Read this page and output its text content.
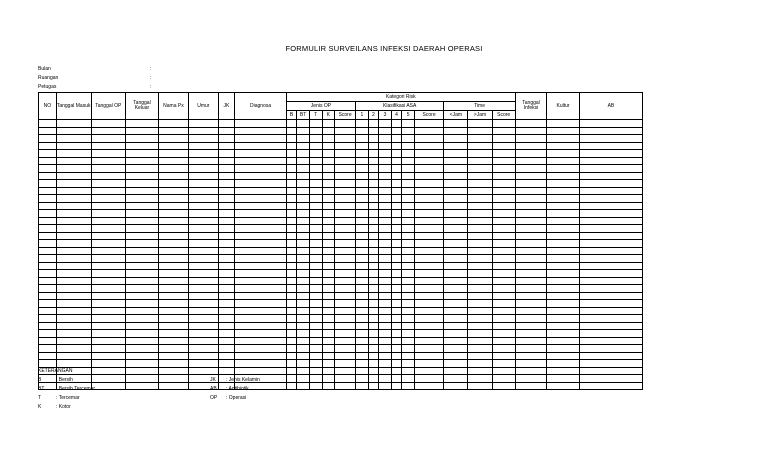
FORMULIR SURVEILANS INFEKSI DAERAH OPERASI
Bulan	:
Ruangan	:
Petugas	:
NO	Tanggal Masuk	Tanggal OP	Tanggal Keluar	Nama Px	Umur	JK	Diagnosa	Kategori Risk														Tanggal Infeksi	Kultur	AB
								Jenis OP					Klasifikasi ASA						Time					
								B	BT	T	K	Score	1	2	3	4	5	Score	<Jam	>Jam	Score			

KETERANGAN
B	: Bersih
BT : Bersih Tercemar
T	: Tercemar
K	: Kotor
JK : Jenis Kelamin
AB : Antibiotik
OP : Operasi
